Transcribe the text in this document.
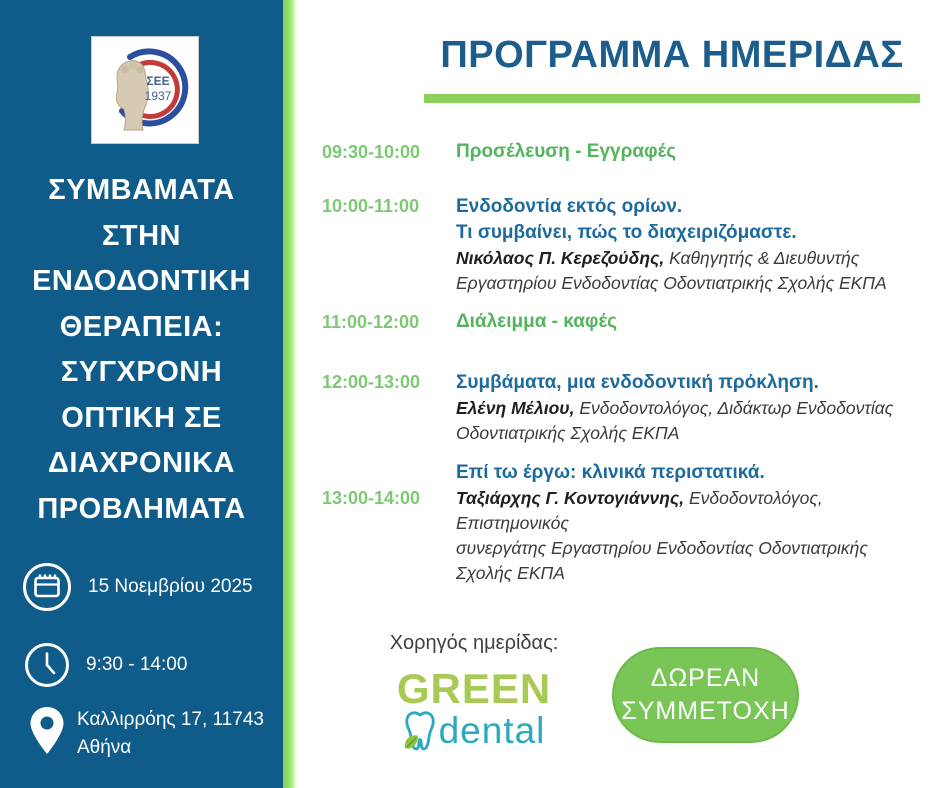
ΣΕΕ
1937
ΣΥΜΒΑΜΑΤΑ
ΣΤΗΝ
ΕΝΔΟΔΟΝΤΙΚΗ
ΘΕΡΑΠΕΙΑ:
ΣΥΓΧΡΟΝΗ
ΟΠΤΙΚΗ ΣΕ
ΔΙΑΧΡΟΝΙΚΑ
ΠΡΟΒΛΗΜΑΤΑ
15 Νοεμβρίου 2025
9:30 - 14:00
Καλλιρρόης 17, 11743
Αθήνα
ΠΡΟΓΡΑΜΜΑ ΗΜΕΡΙΔΑΣ
09:30-10:00	Προσέλευση - Εγγραφές
10:00-11:00	Ενδοδοντία εκτός ορίων.
Τι συμβαίνει, πώς το διαχειριζόμαστε.
Νικόλαος Π. Κερεζούδης, Καθηγητής & Διευθυντής
Εργαστηρίου Ενδοδοντίας Οδοντιατρικής Σχολής ΕΚΠΑ
11:00-12:00	Διάλειμμα - καφές
12:00-13:00	Συμβάματα, μια ενδοδοντική πρόκληση.
Ελένη Μέλιου, Ενδοδοντολόγος, Διδάκτωρ Ενδοδοντίας
Οδοντιατρικής Σχολής ΕΚΠΑ
13:00-14:00
Επί τω έργω: κλινικά περιστατικά.
Ταξιάρχης Γ. Κοντογιάννης, Ενδοδοντολόγος, Επιστημονικός
συνεργάτης Εργαστηρίου Ενδοδοντίας Οδοντιατρικής Σχολής ΕΚΠΑ
Χορηγός ημερίδας:
GREEN
dental
ΔΩΡΕΑΝ
ΣΥΜΜΕΤΟΧΗ
